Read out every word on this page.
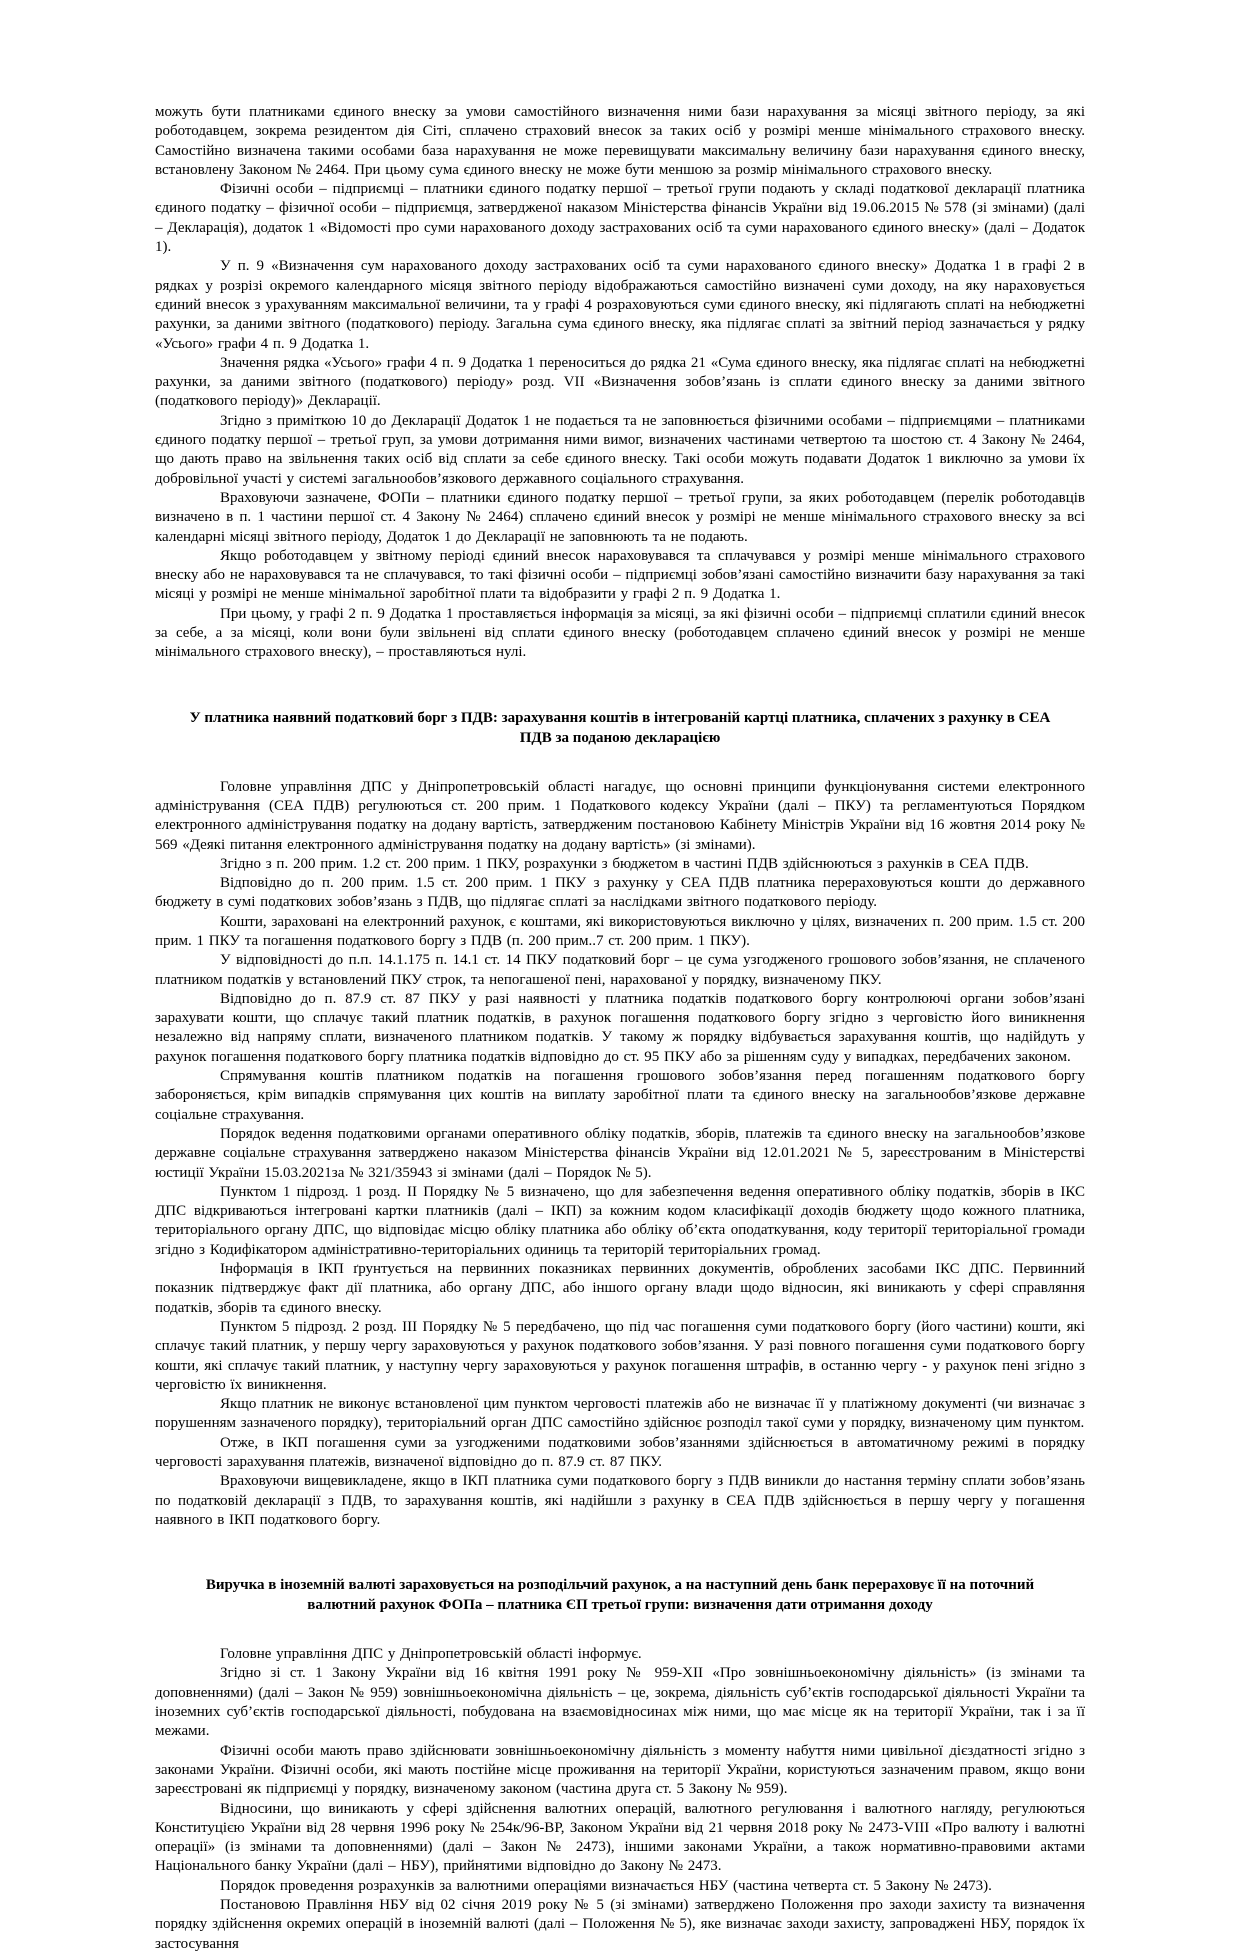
можуть бути платниками єдиного внеску за умови самостійного визначення ними бази нарахування за місяці звітного періоду, за які роботодавцем, зокрема резидентом дія Сіті, сплачено страховий внесок за таких осіб у розмірі менше мінімального страхового внеску. Самостійно визначена такими особами база нарахування не може перевищувати максимальну величину бази нарахування єдиного внеску, встановлену Законом № 2464. При цьому сума єдиного внеску не може бути меншою за розмір мінімального страхового внеску.

Фізичні особи – підприємці – платники єдиного податку першої – третьої групи подають у складі податкової декларації платника єдиного податку – фізичної особи – підприємця, затвердженої наказом Міністерства фінансів України від 19.06.2015 № 578 (зі змінами) (далі – Декларація), додаток 1 «Відомості про суми нарахованого доходу застрахованих осіб та суми нарахованого єдиного внеску» (далі – Додаток 1).

У п. 9 «Визначення сум нарахованого доходу застрахованих осіб та суми нарахованого єдиного внеску» Додатка 1 в графі 2 в рядках у розрізі окремого календарного місяця звітного періоду відображаються самостійно визначені суми доходу, на яку нараховується єдиний внесок з урахуванням максимальної величини, та у графі 4 розраховуються суми єдиного внеску, які підлягають сплаті на небюджетні рахунки, за даними звітного (податкового) періоду. Загальна сума єдиного внеску, яка підлягає сплаті за звітний період зазначається у рядку «Усього» графи 4 п. 9 Додатка 1.

Значення рядка «Усього» графи 4 п. 9 Додатка 1 переноситься до рядка 21 «Сума єдиного внеску, яка підлягає сплаті на небюджетні рахунки, за даними звітного (податкового) періоду» розд. VII «Визначення зобов’язань із сплати єдиного внеску за даними звітного (податкового періоду)» Декларації.

Згідно з приміткою 10 до Декларації Додаток 1 не подається та не заповнюється фізичними особами – підприємцями – платниками єдиного податку першої – третьої груп, за умови дотримання ними вимог, визначених частинами четвертою та шостою ст. 4 Закону № 2464, що дають право на звільнення таких осіб від сплати за себе єдиного внеску. Такі особи можуть подавати Додаток 1 виключно за умови їх добровільної участі у системі загальнообов’язкового державного соціального страхування.

Враховуючи зазначене, ФОПи – платники єдиного податку першої – третьої групи, за яких роботодавцем (перелік роботодавців визначено в п. 1 частини першої ст. 4 Закону № 2464) сплачено єдиний внесок у розмірі не менше мінімального страхового внеску за всі календарні місяці звітного періоду, Додаток 1 до Декларації не заповнюють та не подають.

Якщо роботодавцем у звітному періоді єдиний внесок нараховувався та сплачувався у розмірі менше мінімального страхового внеску або не нараховувався та не сплачувався, то такі фізичні особи – підприємці зобов’язані самостійно визначити базу нарахування за такі місяці у розмірі не менше мінімальної заробітної плати та відобразити у графі 2 п. 9 Додатка 1.

При цьому, у графі 2 п. 9 Додатка 1 проставляється інформація за місяці, за які фізичні особи – підприємці сплатили єдиний внесок за себе, а за місяці, коли вони були звільнені від сплати єдиного внеску (роботодавцем сплачено єдиний внесок у розмірі не менше мінімального страхового внеску), – проставляються нулі.

У платника наявний податковий борг з ПДВ: зарахування коштів в інтегрованій картці платника, сплачених з рахунку в СЕА ПДВ за поданою декларацією

Головне управління ДПС у Дніпропетровській області нагадує, що основні принципи функціонування системи електронного адміністрування (СЕА ПДВ) регулюються ст. 200 прим. 1 Податкового кодексу України (далі – ПКУ) та регламентуються Порядком електронного адміністрування податку на додану вартість, затвердженим постановою Кабінету Міністрів України від 16 жовтня 2014 року № 569 «Деякі питання електронного адміністрування податку на додану вартість» (зі змінами).

Згідно з п. 200 прим. 1.2 ст. 200 прим. 1 ПКУ, розрахунки з бюджетом в частині ПДВ здійснюються з рахунків в СЕА ПДВ.

Відповідно до п. 200 прим. 1.5 ст. 200 прим. 1 ПКУ з рахунку у СЕА ПДВ платника перераховуються кошти до державного бюджету в сумі податкових зобов’язань з ПДВ, що підлягає сплаті за наслідками звітного податкового періоду.

Кошти, зараховані на електронний рахунок, є коштами, які використовуються виключно у цілях, визначених п. 200 прим. 1.5 ст. 200 прим. 1 ПКУ та погашення податкового боргу з ПДВ (п. 200 прим..7 ст. 200 прим. 1 ПКУ).

У відповідності до п.п. 14.1.175 п. 14.1 ст. 14 ПКУ податковий борг – це сума узгодженого грошового зобов’язання, не сплаченого платником податків у встановлений ПКУ строк, та непогашеної пені, нарахованої у порядку, визначеному ПКУ.

Відповідно до п. 87.9 ст. 87 ПКУ у разі наявності у платника податків податкового боргу контролюючі органи зобов’язані зарахувати кошти, що сплачує такий платник податків, в рахунок погашення податкового боргу згідно з черговістю його виникнення незалежно від напряму сплати, визначеного платником податків. У такому ж порядку відбувається зарахування коштів, що надійдуть у рахунок погашення податкового боргу платника податків відповідно до ст. 95 ПКУ або за рішенням суду у випадках, передбачених законом.

Спрямування коштів платником податків на погашення грошового зобов’язання перед погашенням податкового боргу забороняється, крім випадків спрямування цих коштів на виплату заробітної плати та єдиного внеску на загальнообов’язкове державне соціальне страхування.

Порядок ведення податковими органами оперативного обліку податків, зборів, платежів та єдиного внеску на загальнообов’язкове державне соціальне страхування затверджено наказом Міністерства фінансів України від 12.01.2021 № 5, зареєстрованим в Міністерстві юстиції України 15.03.2021за № 321/35943 зі змінами (далі – Порядок № 5).

Пунктом 1 підрозд. 1 розд. II Порядку № 5 визначено, що для забезпечення ведення оперативного обліку податків, зборів в ІКС ДПС відкриваються інтегровані картки платників (далі – ІКП) за кожним кодом класифікації доходів бюджету щодо кожного платника, територіального органу ДПС, що відповідає місцю обліку платника або обліку об’єкта оподаткування, коду території територіальної громади згідно з Кодифікатором адміністративно-територіальних одиниць та територій територіальних громад.

Інформація в ІКП ґрунтується на первинних показниках первинних документів, оброблених засобами ІКС ДПС. Первинний показник підтверджує факт дії платника, або органу ДПС, або іншого органу влади щодо відносин, які виникають у сфері справляння податків, зборів та єдиного внеску.

Пунктом 5 підрозд. 2 розд. III Порядку № 5 передбачено, що під час погашення суми податкового боргу (його частини) кошти, які сплачує такий платник, у першу чергу зараховуються у рахунок податкового зобов’язання. У разі повного погашення суми податкового боргу кошти, які сплачує такий платник, у наступну чергу зараховуються у рахунок погашення штрафів, в останню чергу - у рахунок пені згідно з черговістю їх виникнення.

Якщо платник не виконує встановленої цим пунктом черговості платежів або не визначає її у платіжному документі (чи визначає з порушенням зазначеного порядку), територіальний орган ДПС самостійно здійснює розподіл такої суми у порядку, визначеному цим пунктом.

Отже, в ІКП погашення суми за узгодженими податковими зобов’язаннями здійснюється в автоматичному режимі в порядку черговості зарахування платежів, визначеної відповідно до п. 87.9 ст. 87 ПКУ.

Враховуючи вищевикладене, якщо в ІКП платника суми податкового боргу з ПДВ виникли до настання терміну сплати зобов’язань по податковій декларації з ПДВ, то зарахування коштів, які надійшли з рахунку в СЕА ПДВ здійснюється в першу чергу у погашення наявного в ІКП податкового боргу.

Виручка в іноземній валюті зараховується на розподільчий рахунок, а на наступний день банк перераховує її на поточний валютний рахунок ФОПа – платника ЄП третьої групи: визначення дати отримання доходу

Головне управління ДПС у Дніпропетровській області інформує.

Згідно зі ст. 1 Закону України від 16 квітня 1991 року № 959-XII «Про зовнішньоекономічну діяльність» (із змінами та доповненнями) (далі – Закон № 959) зовнішньоекономічна діяльність – це, зокрема, діяльність суб’єктів господарської діяльності України та іноземних суб’єктів господарської діяльності, побудована на взаємовідносинах між ними, що має місце як на території України, так і за її межами.

Фізичні особи мають право здійснювати зовнішньоекономічну діяльність з моменту набуття ними цивільної дієздатності згідно з законами України. Фізичні особи, які мають постійне місце проживання на території України, користуються зазначеним правом, якщо вони зареєстровані як підприємці у порядку, визначеному законом (частина друга ст. 5 Закону № 959).

Відносини, що виникають у сфері здійснення валютних операцій, валютного регулювання і валютного нагляду, регулюються Конституцією України від 28 червня 1996 року № 254к/96-ВР, Законом України від 21 червня 2018 року № 2473-VIII «Про валюту і валютні операції» (із змінами та доповненнями) (далі – Закон № 2473), іншими законами України, а також нормативно-правовими актами Національного банку України (далі – НБУ), прийнятими відповідно до Закону № 2473.

Порядок проведення розрахунків за валютними операціями визначається НБУ (частина четверта ст. 5 Закону № 2473).

Постановою Правління НБУ від 02 січня 2019 року № 5 (зі змінами) затверджено Положення про заходи захисту та визначення порядку здійснення окремих операцій в іноземній валюті (далі – Положення № 5), яке визначає заходи захисту, запроваджені НБУ, порядок їх застосування
